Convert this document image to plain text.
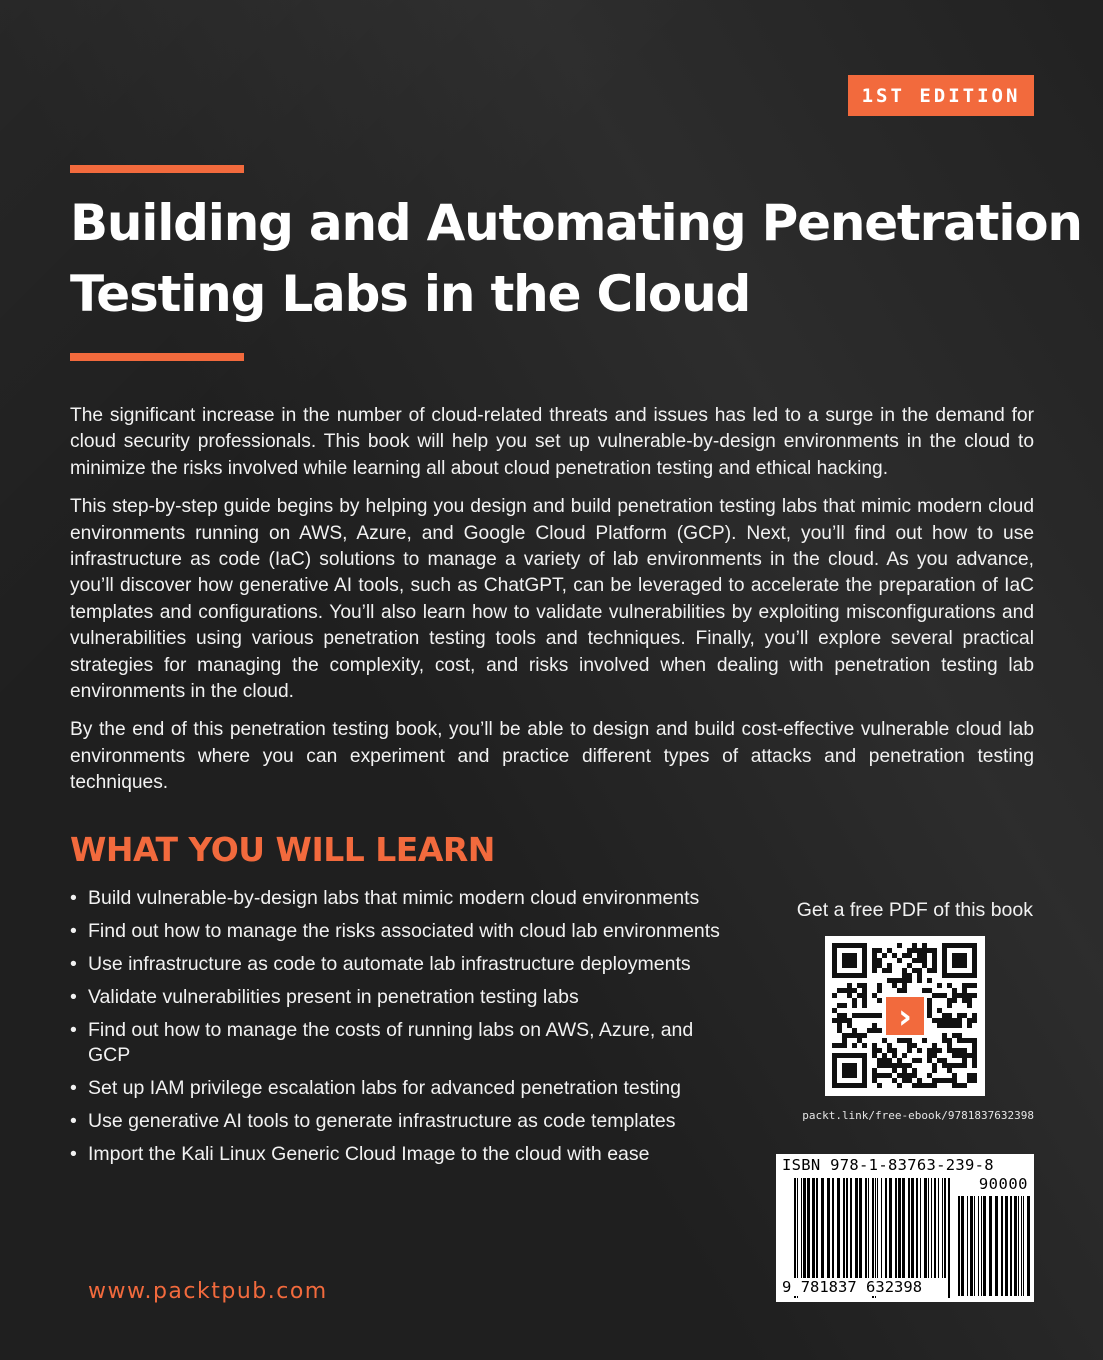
1ST EDITION
Building and Automating Penetration
Testing Labs in the Cloud

The significant increase in the number of cloud-related threats and issues has led to a surge in the demand for cloud security professionals. This book will help you set up vulnerable-by-design environments in the cloud to minimize the risks involved while learning all about cloud penetration testing and ethical hacking.

This step-by-step guide begins by helping you design and build penetration testing labs that mimic modern cloud environments running on AWS, Azure, and Google Cloud Platform (GCP). Next, you’ll find out how to use infrastructure as code (IaC) solutions to manage a variety of lab environments in the cloud. As you advance, you’ll discover how generative AI tools, such as ChatGPT, can be leveraged to accelerate the preparation of IaC templates and configurations. You’ll also learn how to validate vulnerabilities by exploiting misconfigurations and vulnerabilities using various penetration testing tools and techniques. Finally, you’ll explore several practical strategies for managing the complexity, cost, and risks involved when dealing with penetration testing lab environments in the cloud.

By the end of this penetration testing book, you’ll be able to design and build cost-effective vulnerable cloud lab environments where you can experiment and practice different types of attacks and penetration testing techniques.

WHAT YOU WILL LEARN
• Build vulnerable-by-design labs that mimic modern cloud environments
• Find out how to manage the risks associated with cloud lab environments
• Use infrastructure as code to automate lab infrastructure deployments
• Validate vulnerabilities present in penetration testing labs
• Find out how to manage the costs of running labs on AWS, Azure, and GCP
• Set up IAM privilege escalation labs for advanced penetration testing
• Use generative AI tools to generate infrastructure as code templates
• Import the Kali Linux Generic Cloud Image to the cloud with ease
www.packtpub.com
Get a free PDF of this book
›
packt.link/free-ebook/9781837632398
ISBN 978-1-83763-239-8
90000
9 781837 632398
